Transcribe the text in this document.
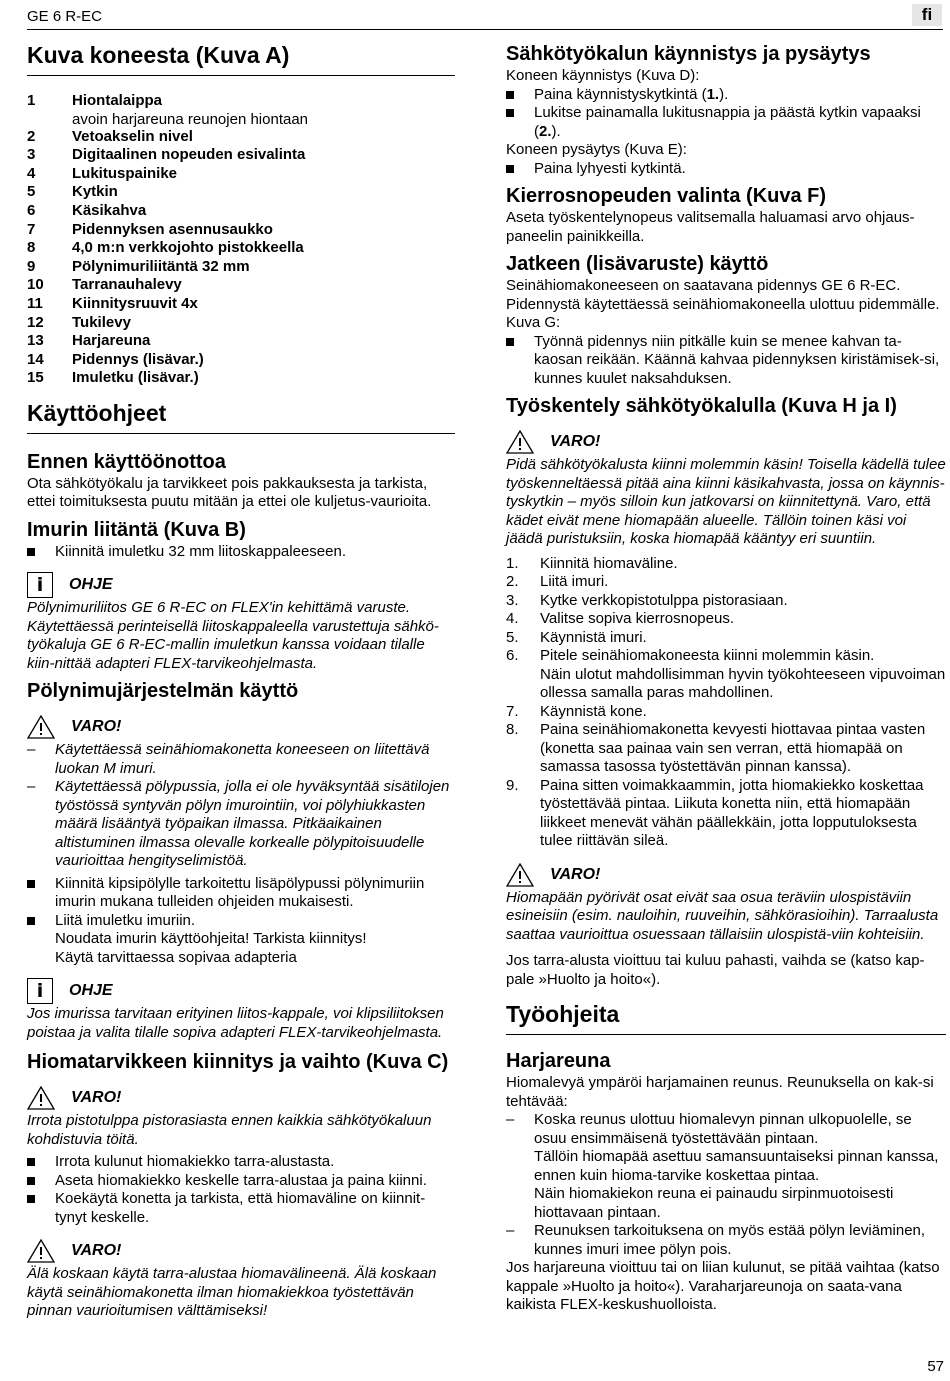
GE 6 R-EC	fi
Kuva koneesta (Kuva A)
1	Hiontalaippa
avoin harjareuna reunojen hiontaan
2	Vetoakselin nivel
3	Digitaalinen nopeuden esivalinta
4	Lukituspainike
5	Kytkin
6	Käsikahva
7	Pidennyksen asennusaukko
8	4,0 m:n verkkojohto pistokkeella
9	Pölynimuriliitäntä 32 mm
10	Tarranauhalevy
11	Kiinnitysruuvit 4x
12	Tukilevy
13	Harjareuna
14	Pidennys (lisävar.)
15	Imuletku (lisävar.)
Käyttöohjeet
Ennen käyttöönottoa

Ota sähkötyökalu ja tarvikkeet pois pakkauksesta ja tarkista, ettei toimituksesta puutu mitään ja ettei ole kuljetus-vaurioita.

Imurin liitäntä (Kuva B)
Kiinnitä imuletku 32 mm liitoskappaleeseen.
i
OHJE

Pölynimuriliitos GE 6 R-EC on FLEX'in kehittämä varuste. Käytettäessä perinteisellä liitoskappaleella varustettuja sähkö-työkaluja GE 6 R-EC-mallin imuletkun kanssa voidaan tilalle kiin-nittää adapteri FLEX-tarvikeohjelmasta.

Pölynimujärjestelmän käyttö
VARO!
– Käytettäessä seinähiomakonetta koneeseen on liitettävä luokan M imuri.
– Käytettäessä pölypussia, jolla ei ole hyväksyntää sisätilojen työstössä syntyvän pölyn imurointiin, voi pölyhiukkasten määrä lisääntyä työpaikan ilmassa. Pitkäaikainen altistuminen ilmassa olevalle korkealle pölypitoisuudelle vaurioittaa hengityselimistöä.
Kiinnitä kipsipölylle tarkoitettu lisäpölypussi pölynimuriin imurin mukana tulleiden ohjeiden mukaisesti.
Liitä imuletku imuriin.
Noudata imurin käyttöohjeita! Tarkista kiinnitys!
Käytä tarvittaessa sopivaa adapteria
i
OHJE

Jos imurissa tarvitaan erityinen liitos-kappale, voi klipsiliitoksen poistaa ja valita tilalle sopiva adapteri FLEX-tarvikeohjelmasta.

Hiomatarvikkeen kiinnitys ja vaihto (Kuva C)
VARO!

Irrota pistotulppa pistorasiasta ennen kaikkia sähkötyökaluun kohdistuvia töitä.

Irrota kulunut hiomakiekko tarra-alustasta.
Aseta hiomakiekko keskelle tarra-alustaa ja paina kiinni.
Koekäytä konetta ja tarkista, että hiomaväline on kiinnit-tynyt keskelle.
VARO!

Älä koskaan käytä tarra-alustaa hiomavälineenä. Älä koskaan käytä seinähiomakonetta ilman hiomakiekkoa työstettävän pinnan vaurioitumisen välttämiseksi!

Sähkötyökalun käynnistys ja pysäytys

Koneen käynnistys (Kuva D):

Paina käynnistyskytkintä (1.).
Lukitse painamalla lukitusnappia ja päästä kytkin vapaaksi (2.).

Koneen pysäytys (Kuva E):

Paina lyhyesti kytkintä.
Kierrosnopeuden valinta (Kuva F)

Aseta työskentelynopeus valitsemalla haluamasi arvo ohjaus-paneelin painikkeilla.

Jatkeen (lisävaruste) käyttö

Seinähiomakoneeseen on saatavana pidennys GE 6 R-EC.

Pidennystä käytettäessä seinähiomakoneella ulottuu pidemmälle.

Kuva G:

Työnnä pidennys niin pitkälle kuin se menee kahvan ta-kaosan reikään. Käännä kahvaa pidennyksen kiristämisek-si, kunnes kuulet naksahduksen.
Työskentely sähkötyökalulla (Kuva H ja I)
VARO!

Pidä sähkötyökalusta kiinni molemmin käsin! Toisella kädellä tulee työskenneltäessä pitää aina kiinni käsikahvasta, jossa on käynnis-tyskytkin – myös silloin kun jatkovarsi on kiinnitettynä. Varo, että kädet eivät mene hiomapään alueelle. Tällöin toinen käsi voi jäädä puristuksiin, koska hiomapää kääntyy eri suuntiin.

1. Kiinnitä hiomaväline.
2. Liitä imuri.
3. Kytke verkkopistotulppa pistorasiaan.
4. Valitse sopiva kierrosnopeus.
5. Käynnistä imuri.
6. Pitele seinähiomakoneesta kiinni molemmin käsin.
Näin ulotut mahdollisimman hyvin työkohteeseen vipuvoiman ollessa samalla paras mahdollinen.
7. Käynnistä kone.
8. Paina seinähiomakonetta kevyesti hiottavaa pintaa vasten (konetta saa painaa vain sen verran, että hiomapää on samassa tasossa työstettävän pinnan kanssa).
9. Paina sitten voimakkaammin, jotta hiomakiekko koskettaa työstettävää pintaa. Liikuta konetta niin, että hiomapään liikkeet menevät vähän päällekkäin, jotta lopputuloksesta tulee riittävän sileä.
VARO!

Hiomapään pyörivät osat eivät saa osua teräviin ulospistäviin esineisiin (esim. nauloihin, ruuveihin, sähkörasioihin). Tarraalusta saattaa vaurioittua osuessaan tällaisiin ulospistä-viin kohteisiin.

Jos tarra-alusta vioittuu tai kuluu pahasti, vaihda se (katso kap-pale »Huolto ja hoito«).

Työohjeita
Harjareuna

Hiomalevyä ympäröi harjamainen reunus. Reunuksella on kak-si tehtävää:

– Koska reunus ulottuu hiomalevyn pinnan ulkopuolelle, se osuu ensimmäisenä työstettävään pintaan.
Tällöin hiomapää asettuu samansuuntaiseksi pinnan kanssa, ennen kuin hioma-tarvike koskettaa pintaa.
Näin hiomakiekon reuna ei painaudu sirpinmuotoisesti hiottavaan pintaan.
– Reunuksen tarkoituksena on myös estää pölyn leviäminen, kunnes imuri imee pölyn pois.

Jos harjareuna vioittuu tai on liian kulunut, se pitää vaihtaa (katso kappale »Huolto ja hoito«). Varaharjareunoja on saata-vana kaikista FLEX-keskushuolloista.

57
